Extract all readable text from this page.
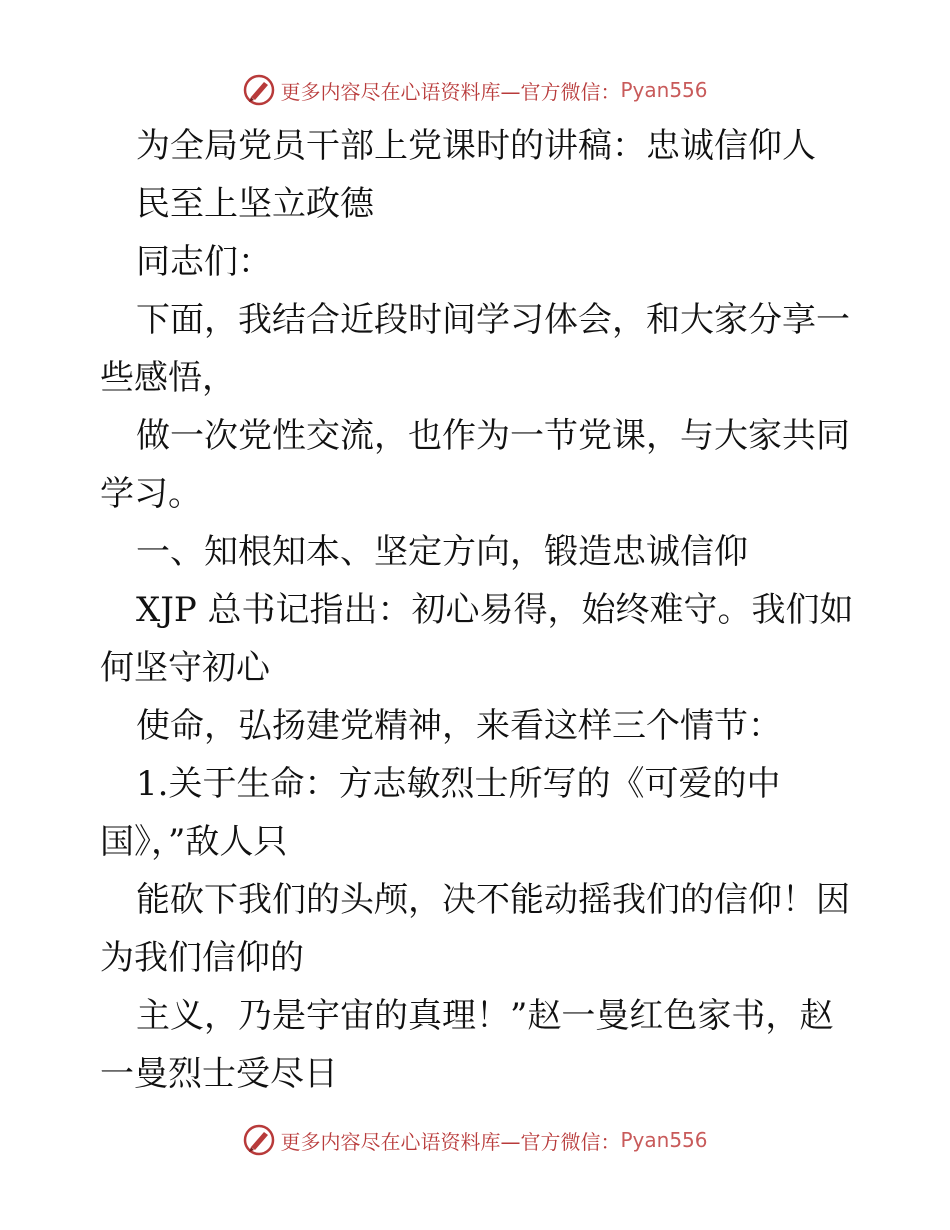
更多内容尽在心语资料库—官方微信： Pyan556

为全局党员干部上党课时的讲稿：忠诚信仰人

民至上坚立政德

同志们：

下面，我结合近段时间学习体会，和大家分享一

些感悟，

做一次党性交流，也作为一节党课，与大家共同

学习。

一、知根知本、坚定方向，锻造忠诚信仰

XJP 总书记指出：初心易得，始终难守。我们如

何坚守初心

使命，弘扬建党精神，来看这样三个情节：

1.关于生命：方志敏烈士所写的《可爱的中

国》，”敌人只

能砍下我们的头颅，决不能动摇我们的信仰！因

为我们信仰的

主义，乃是宇宙的真理！”赵一曼红色家书，赵

一曼烈士受尽日

更多内容尽在心语资料库—官方微信： Pyan556
